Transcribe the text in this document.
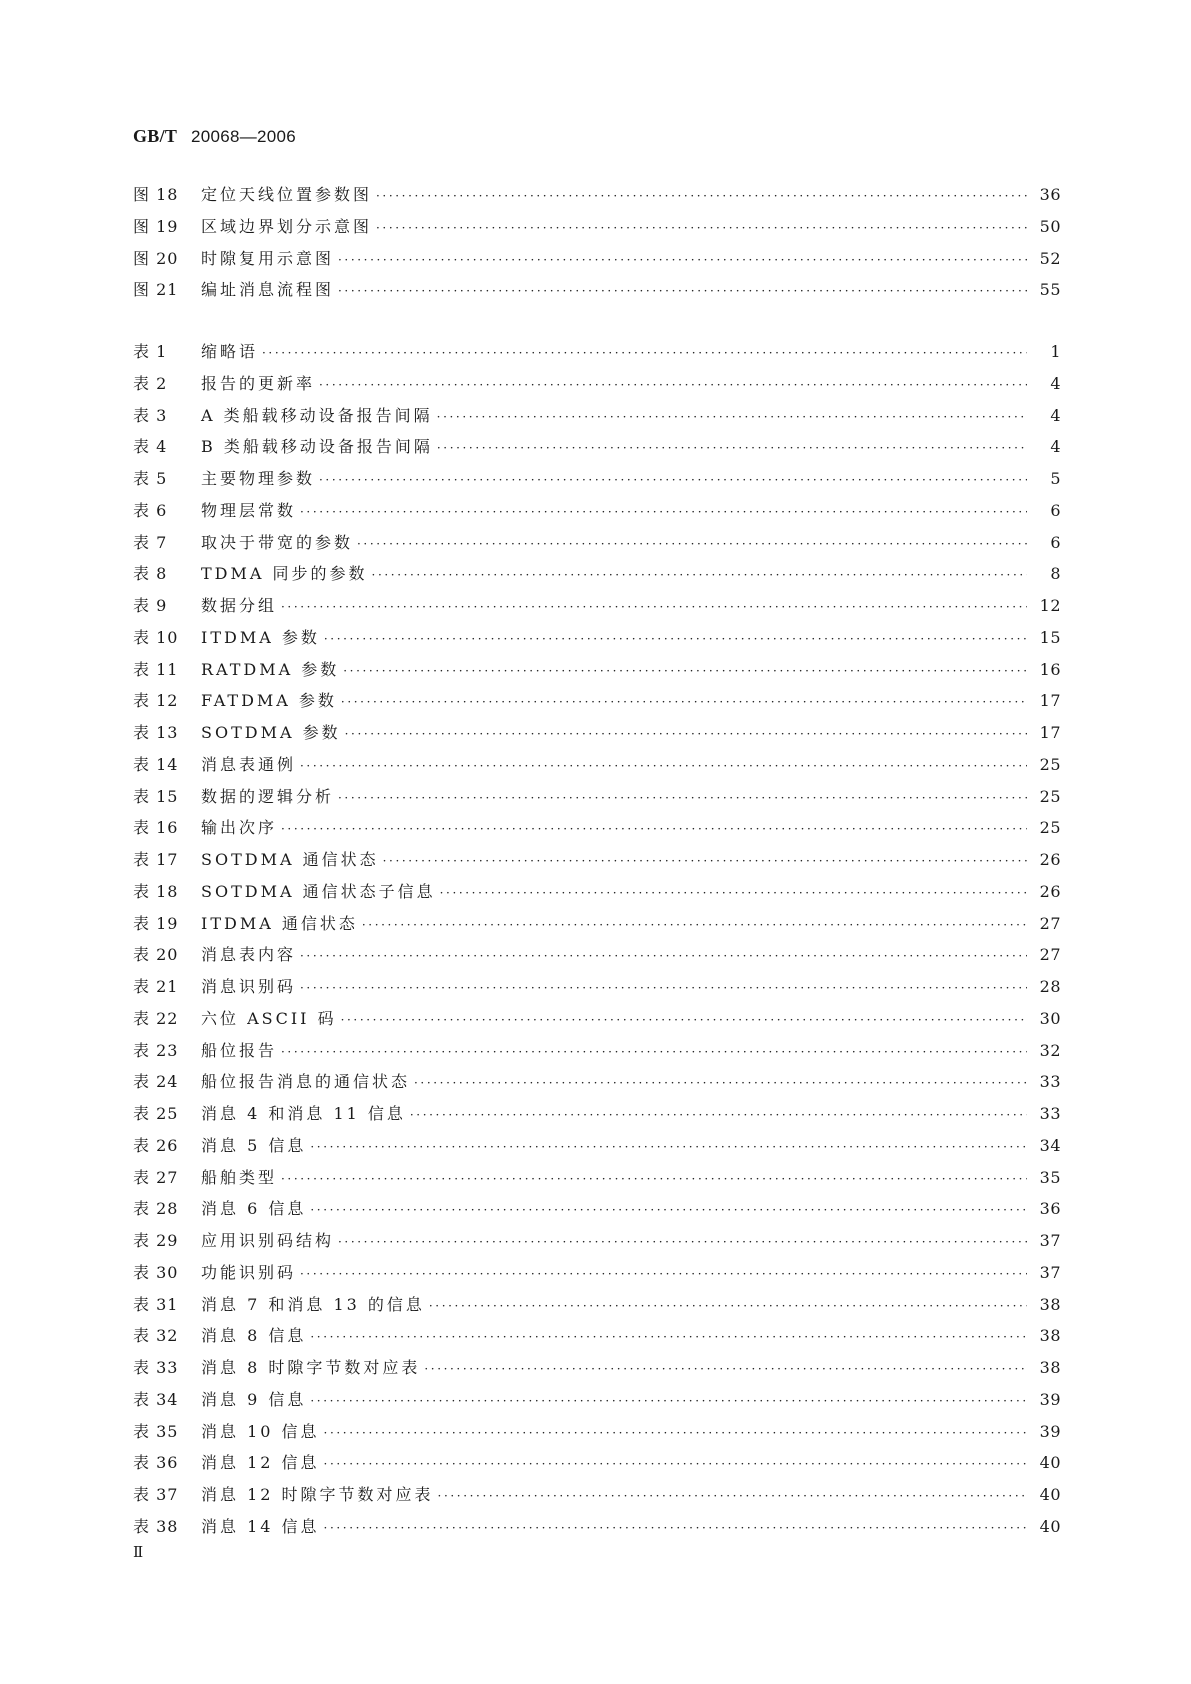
GB/T 20068—2006
图 18	定位天线位置参数图 ·····	36
图 19	区域边界划分示意图 ·····	50
图 20	时隙复用示意图 ·····	52
图 21	编址消息流程图 ·····	55
表 1	缩略语 ·····	1
表 2	报告的更新率 ·····	4
表 3	A 类船载移动设备报告间隔 ·····	4
表 4	B 类船载移动设备报告间隔 ·····	4
表 5	主要物理参数 ·····	5
表 6	物理层常数 ·····	6
表 7	取决于带宽的参数 ·····	6
表 8	TDMA 同步的参数 ·····	8
表 9	数据分组 ·····	12
表 10	ITDMA 参数 ·····	15
表 11	RATDMA 参数 ·····	16
表 12	FATDMA 参数 ·····	17
表 13	SOTDMA 参数 ·····	17
表 14	消息表通例 ·····	25
表 15	数据的逻辑分析 ·····	25
表 16	输出次序 ·····	25
表 17	SOTDMA 通信状态 ·····	26
表 18	SOTDMA 通信状态子信息 ·····	26
表 19	ITDMA 通信状态 ·····	27
表 20	消息表内容 ·····	27
表 21	消息识别码 ·····	28
表 22	六位 ASCII 码 ·····	30
表 23	船位报告 ·····	32
表 24	船位报告消息的通信状态 ·····	33
表 25	消息 4 和消息 11 信息 ·····	33
表 26	消息 5 信息 ·····	34
表 27	船舶类型 ·····	35
表 28	消息 6 信息 ·····	36
表 29	应用识别码结构 ·····	37
表 30	功能识别码 ·····	37
表 31	消息 7 和消息 13 的信息 ·····	38
表 32	消息 8 信息 ·····	38
表 33	消息 8 时隙字节数对应表 ·····	38
表 34	消息 9 信息 ·····	39
表 35	消息 10 信息 ·····	39
表 36	消息 12 信息 ·····	40
表 37	消息 12 时隙字节数对应表 ·····	40
表 38	消息 14 信息 ·····	40
Ⅱ
